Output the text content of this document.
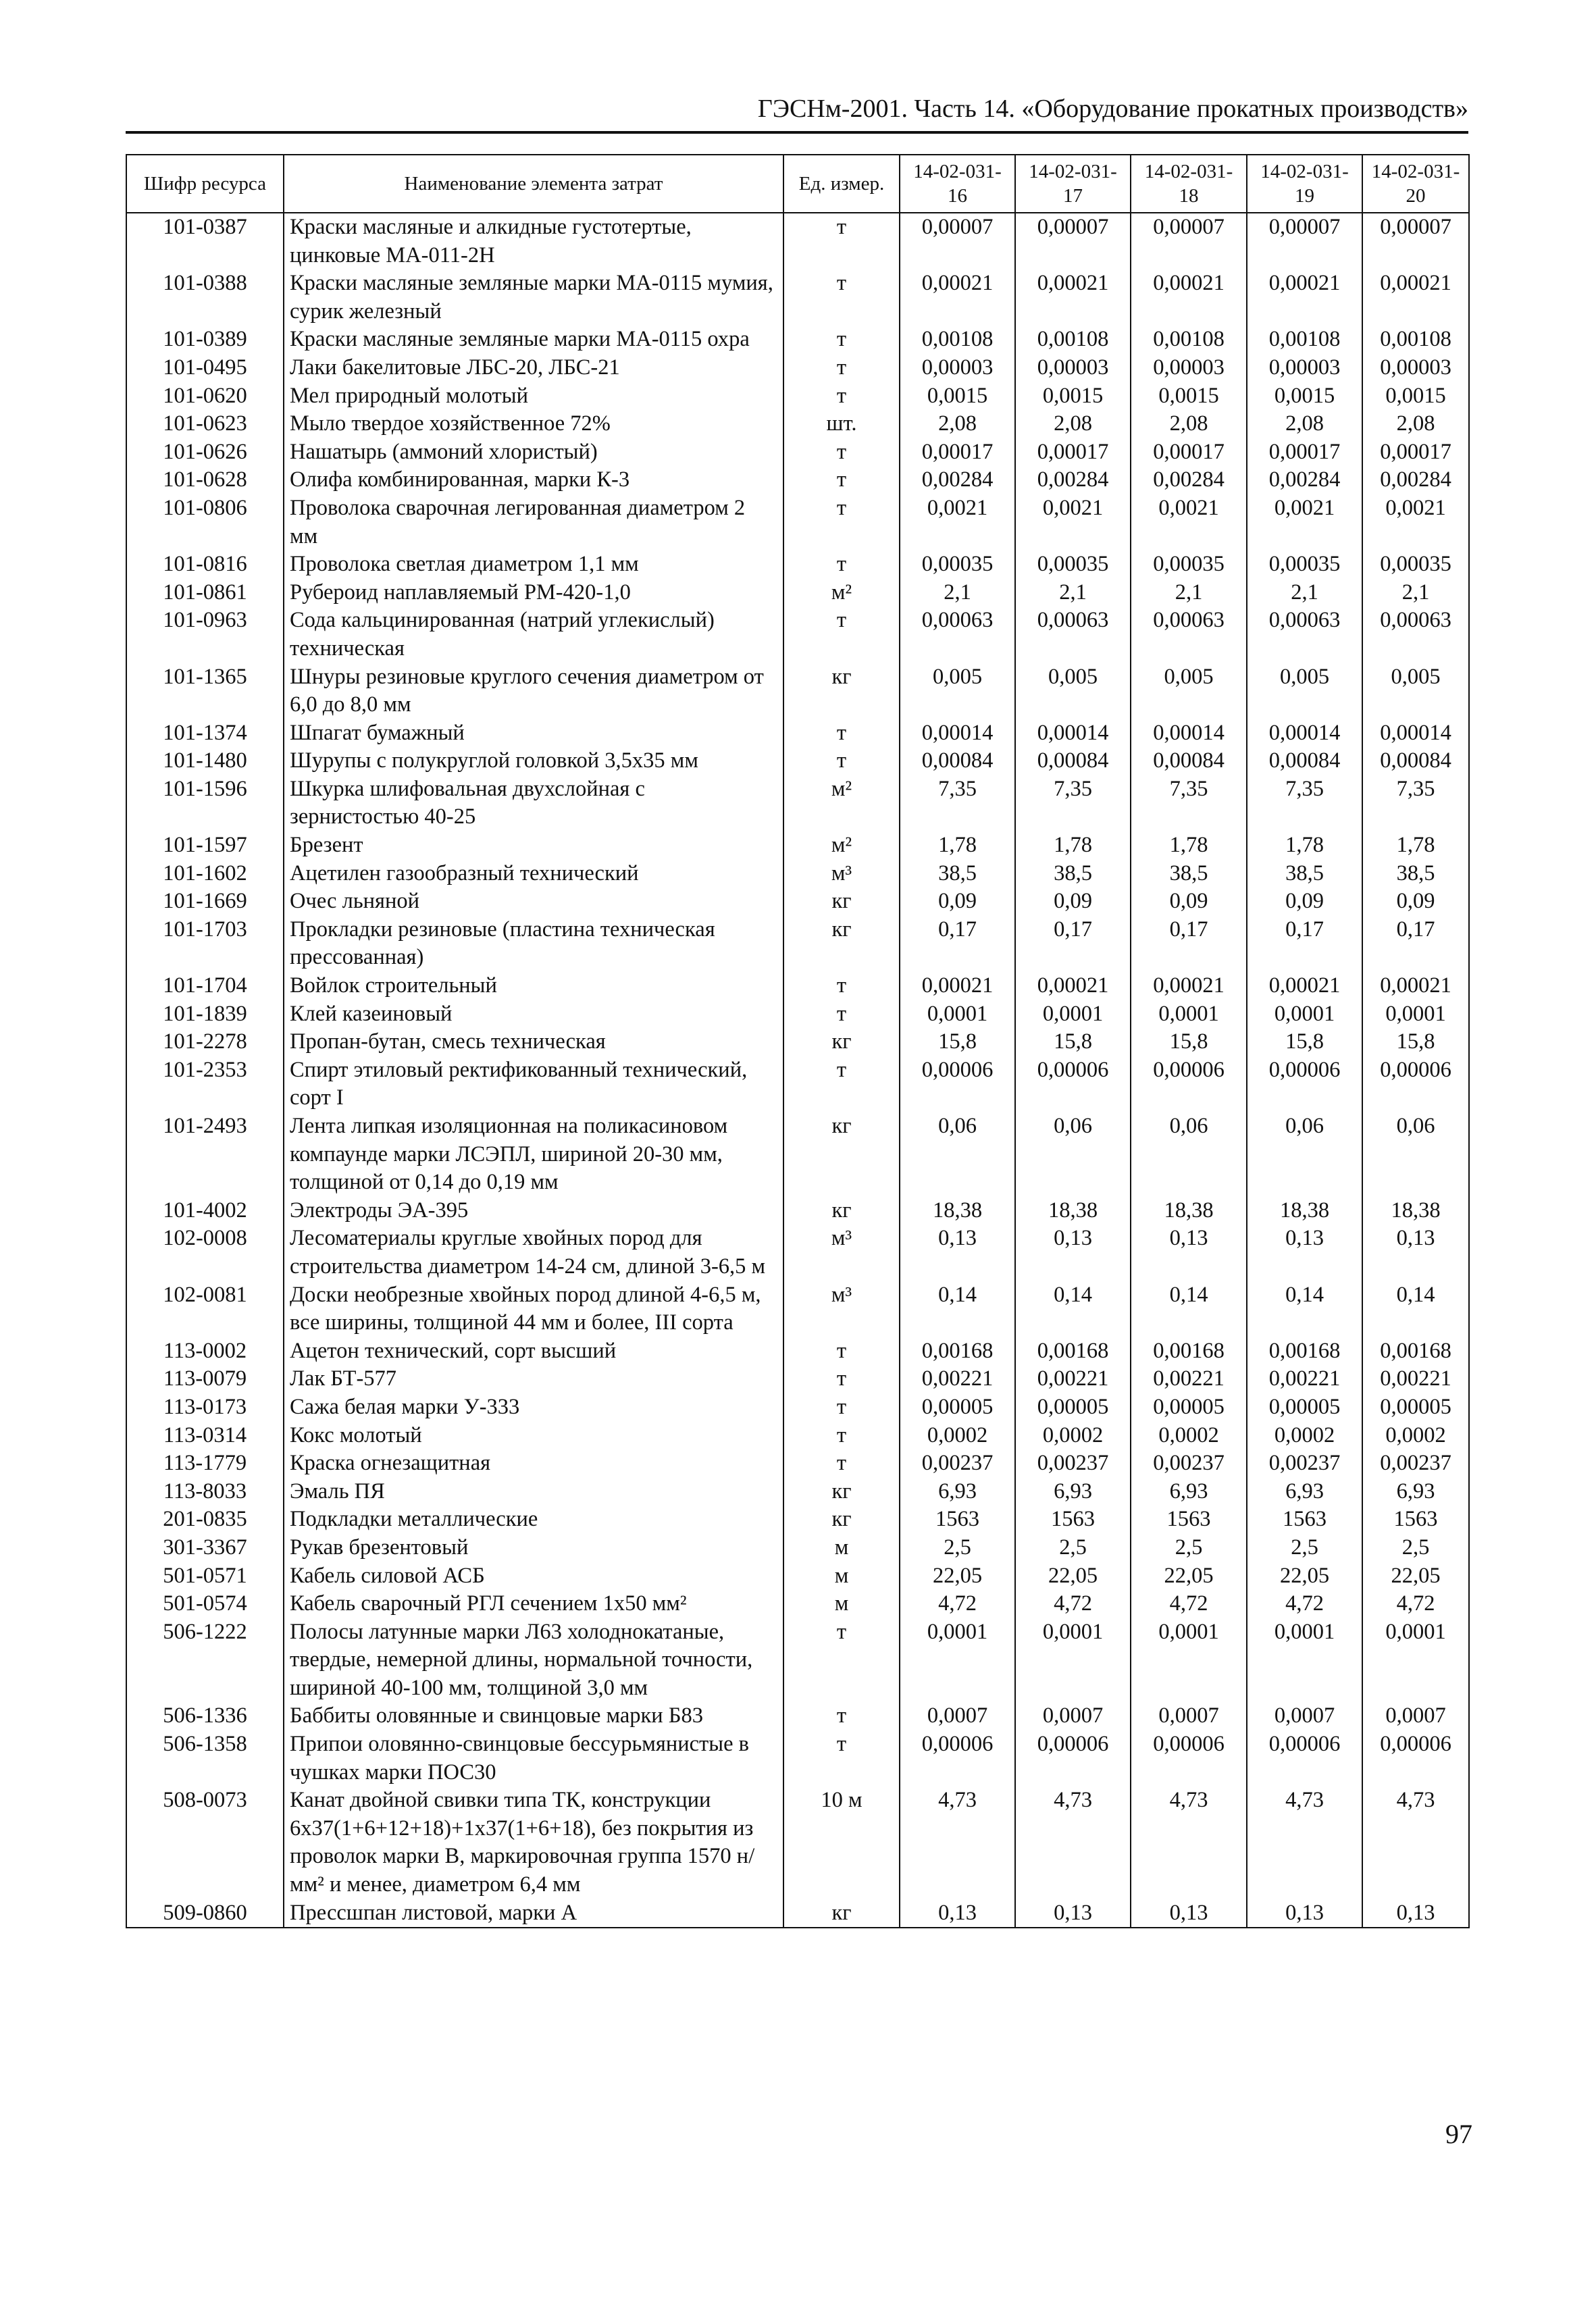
ГЭСНм-2001. Часть 14. «Оборудование прокатных производств»
Шифр ресурса	Наименование элемента затрат	Ед. измер.	14-02-031-16	14-02-031-17	14-02-031-18	14-02-031-19	14-02-031-20
101-0387	Краски масляные и алкидные густотертые, цинковые МА-011-2Н	т	0,00007	0,00007	0,00007	0,00007	0,00007
101-0388	Краски масляные земляные марки МА-0115 мумия, сурик железный	т	0,00021	0,00021	0,00021	0,00021	0,00021
101-0389	Краски масляные земляные марки МА-0115 охра	т	0,00108	0,00108	0,00108	0,00108	0,00108
101-0495	Лаки бакелитовые ЛБС-20, ЛБС-21	т	0,00003	0,00003	0,00003	0,00003	0,00003
101-0620	Мел природный молотый	т	0,0015	0,0015	0,0015	0,0015	0,0015
101-0623	Мыло твердое хозяйственное 72%	шт.	2,08	2,08	2,08	2,08	2,08
101-0626	Нашатырь (аммоний хлористый)	т	0,00017	0,00017	0,00017	0,00017	0,00017
101-0628	Олифа комбинированная, марки К-3	т	0,00284	0,00284	0,00284	0,00284	0,00284
101-0806	Проволока сварочная легированная диаметром 2 мм	т	0,0021	0,0021	0,0021	0,0021	0,0021
101-0816	Проволока светлая диаметром 1,1 мм	т	0,00035	0,00035	0,00035	0,00035	0,00035
101-0861	Рубероид наплавляемый РМ-420-1,0	м²	2,1	2,1	2,1	2,1	2,1
101-0963	Сода кальцинированная (натрий углекислый) техническая	т	0,00063	0,00063	0,00063	0,00063	0,00063
101-1365	Шнуры резиновые круглого сечения диаметром от 6,0 до 8,0 мм	кг	0,005	0,005	0,005	0,005	0,005
101-1374	Шпагат бумажный	т	0,00014	0,00014	0,00014	0,00014	0,00014
101-1480	Шурупы с полукруглой головкой 3,5х35 мм	т	0,00084	0,00084	0,00084	0,00084	0,00084
101-1596	Шкурка шлифовальная двухслойная с зернистостью 40-25	м²	7,35	7,35	7,35	7,35	7,35
101-1597	Брезент	м²	1,78	1,78	1,78	1,78	1,78
101-1602	Ацетилен газообразный технический	м³	38,5	38,5	38,5	38,5	38,5
101-1669	Очес льняной	кг	0,09	0,09	0,09	0,09	0,09
101-1703	Прокладки резиновые (пластина техническая прессованная)	кг	0,17	0,17	0,17	0,17	0,17
101-1704	Войлок строительный	т	0,00021	0,00021	0,00021	0,00021	0,00021
101-1839	Клей казеиновый	т	0,0001	0,0001	0,0001	0,0001	0,0001
101-2278	Пропан-бутан, смесь техническая	кг	15,8	15,8	15,8	15,8	15,8
101-2353	Спирт этиловый ректификованный технический, сорт I	т	0,00006	0,00006	0,00006	0,00006	0,00006
101-2493	Лента липкая изоляционная на поликасиновом компаунде марки ЛСЭПЛ, шириной 20-30 мм, толщиной от 0,14 до 0,19 мм	кг	0,06	0,06	0,06	0,06	0,06
101-4002	Электроды ЭА-395	кг	18,38	18,38	18,38	18,38	18,38
102-0008	Лесоматериалы круглые хвойных пород для строительства диаметром 14-24 см, длиной 3-6,5 м	м³	0,13	0,13	0,13	0,13	0,13
102-0081	Доски необрезные хвойных пород длиной 4-6,5 м, все ширины, толщиной 44 мм и более, III сорта	м³	0,14	0,14	0,14	0,14	0,14
113-0002	Ацетон технический, сорт высший	т	0,00168	0,00168	0,00168	0,00168	0,00168
113-0079	Лак БТ-577	т	0,00221	0,00221	0,00221	0,00221	0,00221
113-0173	Сажа белая марки У-333	т	0,00005	0,00005	0,00005	0,00005	0,00005
113-0314	Кокс молотый	т	0,0002	0,0002	0,0002	0,0002	0,0002
113-1779	Краска огнезащитная	т	0,00237	0,00237	0,00237	0,00237	0,00237
113-8033	Эмаль ПЯ	кг	6,93	6,93	6,93	6,93	6,93
201-0835	Подкладки металлические	кг	1563	1563	1563	1563	1563
301-3367	Рукав брезентовый	м	2,5	2,5	2,5	2,5	2,5
501-0571	Кабель силовой АСБ	м	22,05	22,05	22,05	22,05	22,05
501-0574	Кабель сварочный РГЛ сечением 1х50 мм²	м	4,72	4,72	4,72	4,72	4,72
506-1222	Полосы латунные марки Л63 холоднокатаные, твердые, немерной длины, нормальной точности, шириной 40-100 мм, толщиной 3,0 мм	т	0,0001	0,0001	0,0001	0,0001	0,0001
506-1336	Баббиты оловянные и свинцовые марки Б83	т	0,0007	0,0007	0,0007	0,0007	0,0007
506-1358	Припои оловянно-свинцовые бессурьмянистые в чушках марки ПОС30	т	0,00006	0,00006	0,00006	0,00006	0,00006
508-0073	Канат двойной свивки типа ТК, конструкции 6х37(1+6+12+18)+1х37(1+6+18), без покрытия из проволок марки В, маркировочная группа 1570 н/мм² и менее, диаметром 6,4 мм	10 м	4,73	4,73	4,73	4,73	4,73
509-0860	Прессшпан листовой, марки А	кг	0,13	0,13	0,13	0,13	0,13
97
